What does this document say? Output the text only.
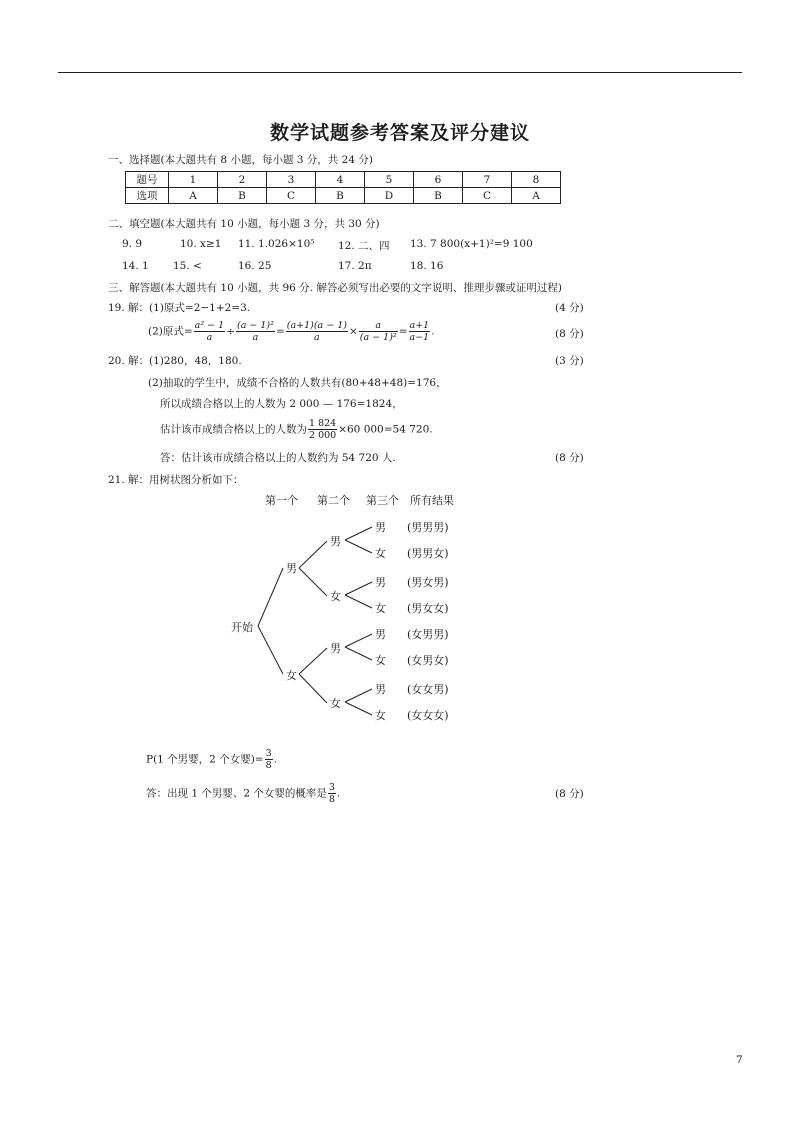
数学试题参考答案及评分建议
一、选择题(本大题共有 8 小题，每小题 3 分，共 24 分)
题号	1	2	3	4	5	6	7	8
选项	A	B	C	B	D	B	C	A
二、填空题(本大题共有 10 小题，每小题 3 分，共 30 分)
9. 9	10. x≥1 11. 1.026×10⁵ 12. 二、四 13. 7 800(x+1)²=9 100
14. 1 15. <	16. 25	17. 2π	18. 16
三、解答题(本大题共有 10 小题，共 96 分. 解答必须写出必要的文字说明、推理步骤或证明过程)
19. 解：(1)原式=2−1+2=3.	(4 分)
(2)原式= $\frac{\text{a² − 1}}{a} \div \frac{\text{(a − 1)²}}{a} = \frac{(a+1)(a - 1)}{a} \times \frac{a}{\text{(a − 1)²}} = \frac{a+1}{a-1}$ .	(8 分)
20. 解：(1)280，48，180.	(3 分)
(2)抽取的学生中，成绩不合格的人数共有(80+48+48)=176，
所以成绩合格以上的人数为 2 000 — 176=1824，
估计该市成绩合格以上的人数为 $\frac{1 824}{2 000} \times 60$ 000=54 720.
答：估计该市成绩合格以上的人数约为 54 720 人.	(8 分)
21. 解：用树状图分析如下：
第一个 第二个 第三个 所有结果
开始
男
女
男
女
男
女
男
女
男
女
男
女
男
女
(男男男)
(男男女)
(男女男)
(男女女)
(女男男)
(女男女)
(女女男)
(女女女)
P(1 个男婴，2 个女婴)= $\frac{3}{8}$ .
答：出现 1 个男婴、2 个女婴的概率是 $\frac{3}{8}$ .	(8 分)
7
